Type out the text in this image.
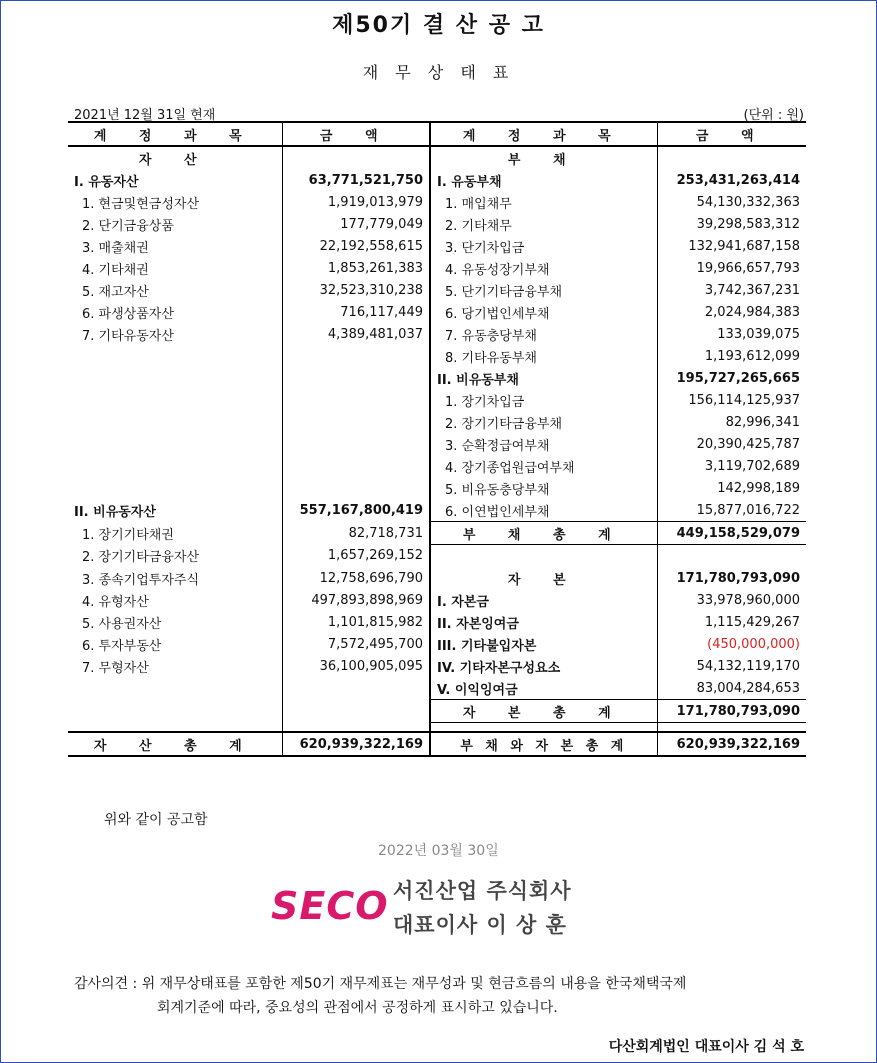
제50기 결 산 공 고
재 무 상 태 표
2021년 12월 31일 현재	(단위 : 원)
계 정 과 목	금 액	계 정 과 목	금 액
자 산		부 채	
I. 유동자산	63,771,521,750	I. 유동부채	253,431,263,414
1. 현금및현금성자산	1,919,013,979	1. 매입채무	54,130,332,363
2. 단기금융상품	177,779,049	2. 기타채무	39,298,583,312
3. 매출채권	22,192,558,615	3. 단기차입금	132,941,687,158
4. 기타채권	1,853,261,383	4. 유동성장기부채	19,966,657,793
5. 재고자산	32,523,310,238	5. 단기기타금융부채	3,742,367,231
6. 파생상품자산	716,117,449	6. 당기법인세부채	2,024,984,383
7. 기타유동자산	4,389,481,037	7. 유동충당부채	133,039,075
		8. 기타유동부채	1,193,612,099
		II. 비유동부채	195,727,265,665
		1. 장기차입금	156,114,125,937
		2. 장기기타금융부채	82,996,341
		3. 순확정급여부채	20,390,425,787
		4. 장기종업원급여부채	3,119,702,689
		5. 비유동충당부채	142,998,189
II. 비유동자산	557,167,800,419	6. 이연법인세부채	15,877,016,722
1. 장기기타채권	82,718,731	부 채 총 계	449,158,529,079
2. 장기기타금융자산	1,657,269,152		
3. 종속기업투자주식	12,758,696,790	자 본	171,780,793,090
4. 유형자산	497,893,898,969	I. 자본금	33,978,960,000
5. 사용권자산	1,101,815,982	II. 자본잉여금	1,115,429,267
6. 투자부동산	7,572,495,700	III. 기타불입자본	(450,000,000)
7. 무형자산	36,100,905,095	IV. 기타자본구성요소	54,132,119,170
		V. 이익잉여금	83,004,284,653
		자 본 총 계	171,780,793,090

자 산 총 계	620,939,322,169	부 채 와 자 본 총 계	620,939,322,169
위와 같이 공고함
2022년 03월 30일
SECO 서진산업 주식회사
대표이사 이 상 훈
감사의견 : 위 재무상태표를 포함한 제50기 재무제표는 재무성과 및 현금흐름의 내용을 한국채택국제
회계기준에 따라, 중요성의 관점에서 공정하게 표시하고 있습니다.
다산회계법인 대표이사 김 석 호
